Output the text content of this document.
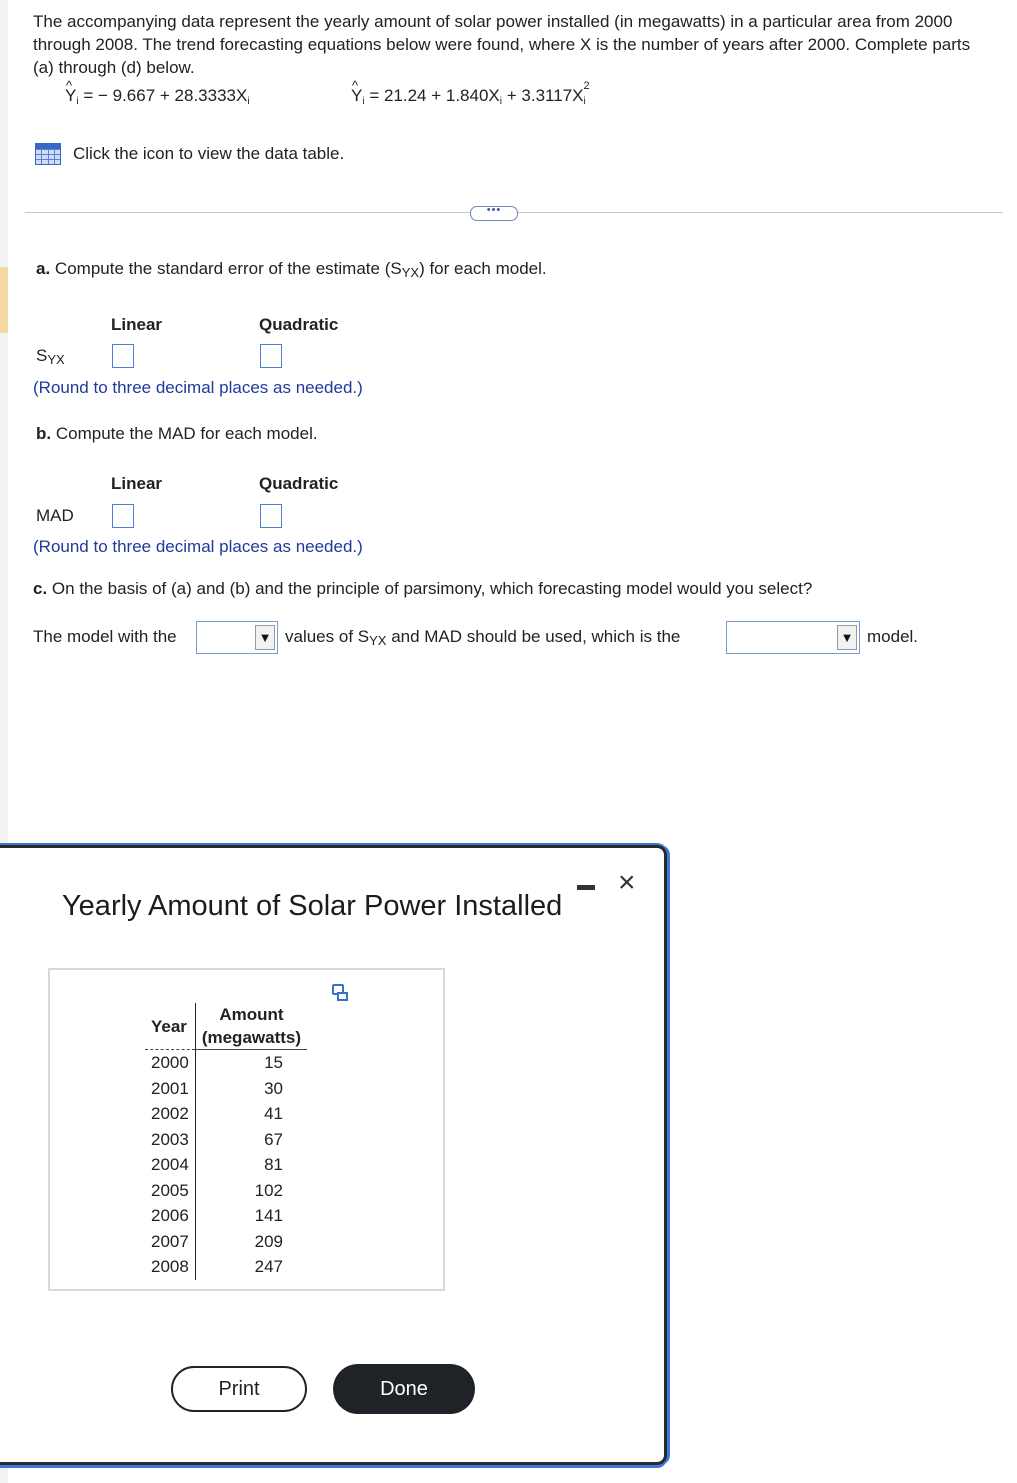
The accompanying data represent the yearly amount of solar power installed (in megawatts) in a particular area from 2000 through 2008. The trend forecasting equations below were found, where X is the number of years after 2000. Complete parts (a) through (d) below.

^ $Y_i$ = − $9.667 + 28.3333X_i$	^ $Y_i = 21.24 + 1.840X_i + 3.3117X$ 2
$_i$
Click the icon to view the data table.
•••
a. Compute the standard error of the estimate $(S_{YX})$ for each model.
Linear	Quadratic
$S_{YX}$
(Round to three decimal places as needed.)
b. Compute the MAD for each model.
Linear	Quadratic
MAD
(Round to three decimal places as needed.)
c. On the basis of (a) and (b) and the principle of parsimony, which forecasting model would you select?
The model with the	▼ values of $S_{YX}$ and MAD should be used, which is the	▼ model.
Yearly Amount of Solar Power Installed
×
Year	Amount
(megawatts)
2000	15
2001	30
2002	41
2003	67
2004	81
2005	102
2006	141
2007	209
2008	247
Print	Done
